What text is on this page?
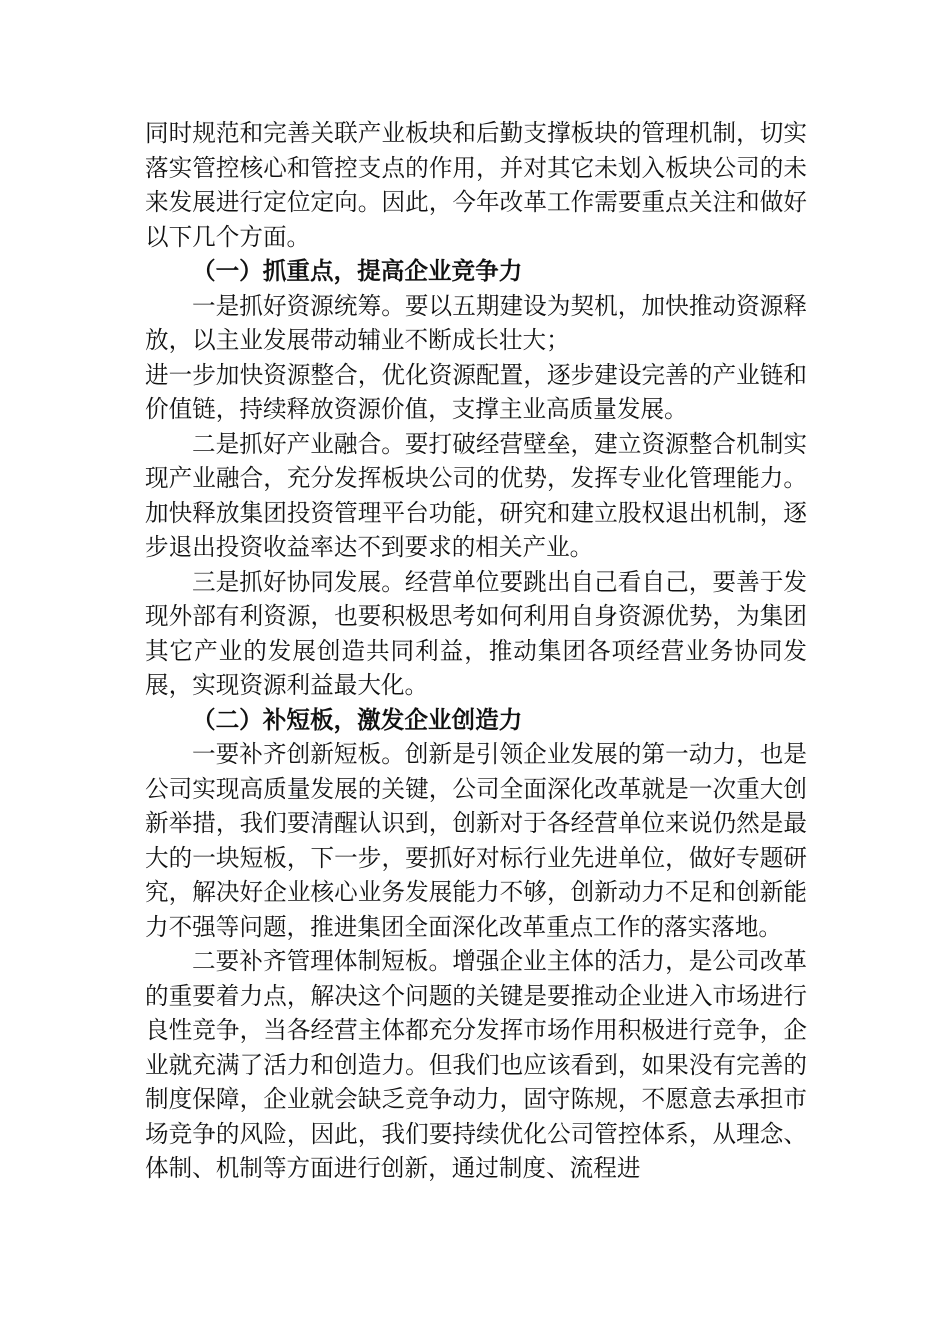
同时规范和完善关联产业板块和后勤支撑板块的管理机制，切实落实管控核心和管控支点的作用，并对其它未划入板块公司的未来发展进行定位定向。因此，今年改革工作需要重点关注和做好以下几个方面。

（一）抓重点，提高企业竞争力

一是抓好资源统筹。要以五期建设为契机，加快推动资源释放，以主业发展带动辅业不断成长壮大；

进一步加快资源整合，优化资源配置，逐步建设完善的产业链和价值链，持续释放资源价值，支撑主业高质量发展。

二是抓好产业融合。要打破经营壁垒，建立资源整合机制实现产业融合，充分发挥板块公司的优势，发挥专业化管理能力。加快释放集团投资管理平台功能，研究和建立股权退出机制，逐步退出投资收益率达不到要求的相关产业。

三是抓好协同发展。经营单位要跳出自己看自己，要善于发现外部有利资源，也要积极思考如何利用自身资源优势，为集团其它产业的发展创造共同利益，推动集团各项经营业务协同发展，实现资源利益最大化。

（二）补短板，激发企业创造力

一要补齐创新短板。创新是引领企业发展的第一动力，也是公司实现高质量发展的关键，公司全面深化改革就是一次重大创新举措，我们要清醒认识到，创新对于各经营单位来说仍然是最大的一块短板，下一步，要抓好对标行业先进单位，做好专题研究，解决好企业核心业务发展能力不够，创新动力不足和创新能力不强等问题，推进集团全面深化改革重点工作的落实落地。

二要补齐管理体制短板。增强企业主体的活力，是公司改革的重要着力点，解决这个问题的关键是要推动企业进入市场进行良性竞争，当各经营主体都充分发挥市场作用积极进行竞争，企业就充满了活力和创造力。但我们也应该看到，如果没有完善的制度保障，企业就会缺乏竞争动力，固守陈规，不愿意去承担市场竞争的风险，因此，我们要持续优化公司管控体系，从理念、体制、机制等方面进行创新，通过制度、流程进
